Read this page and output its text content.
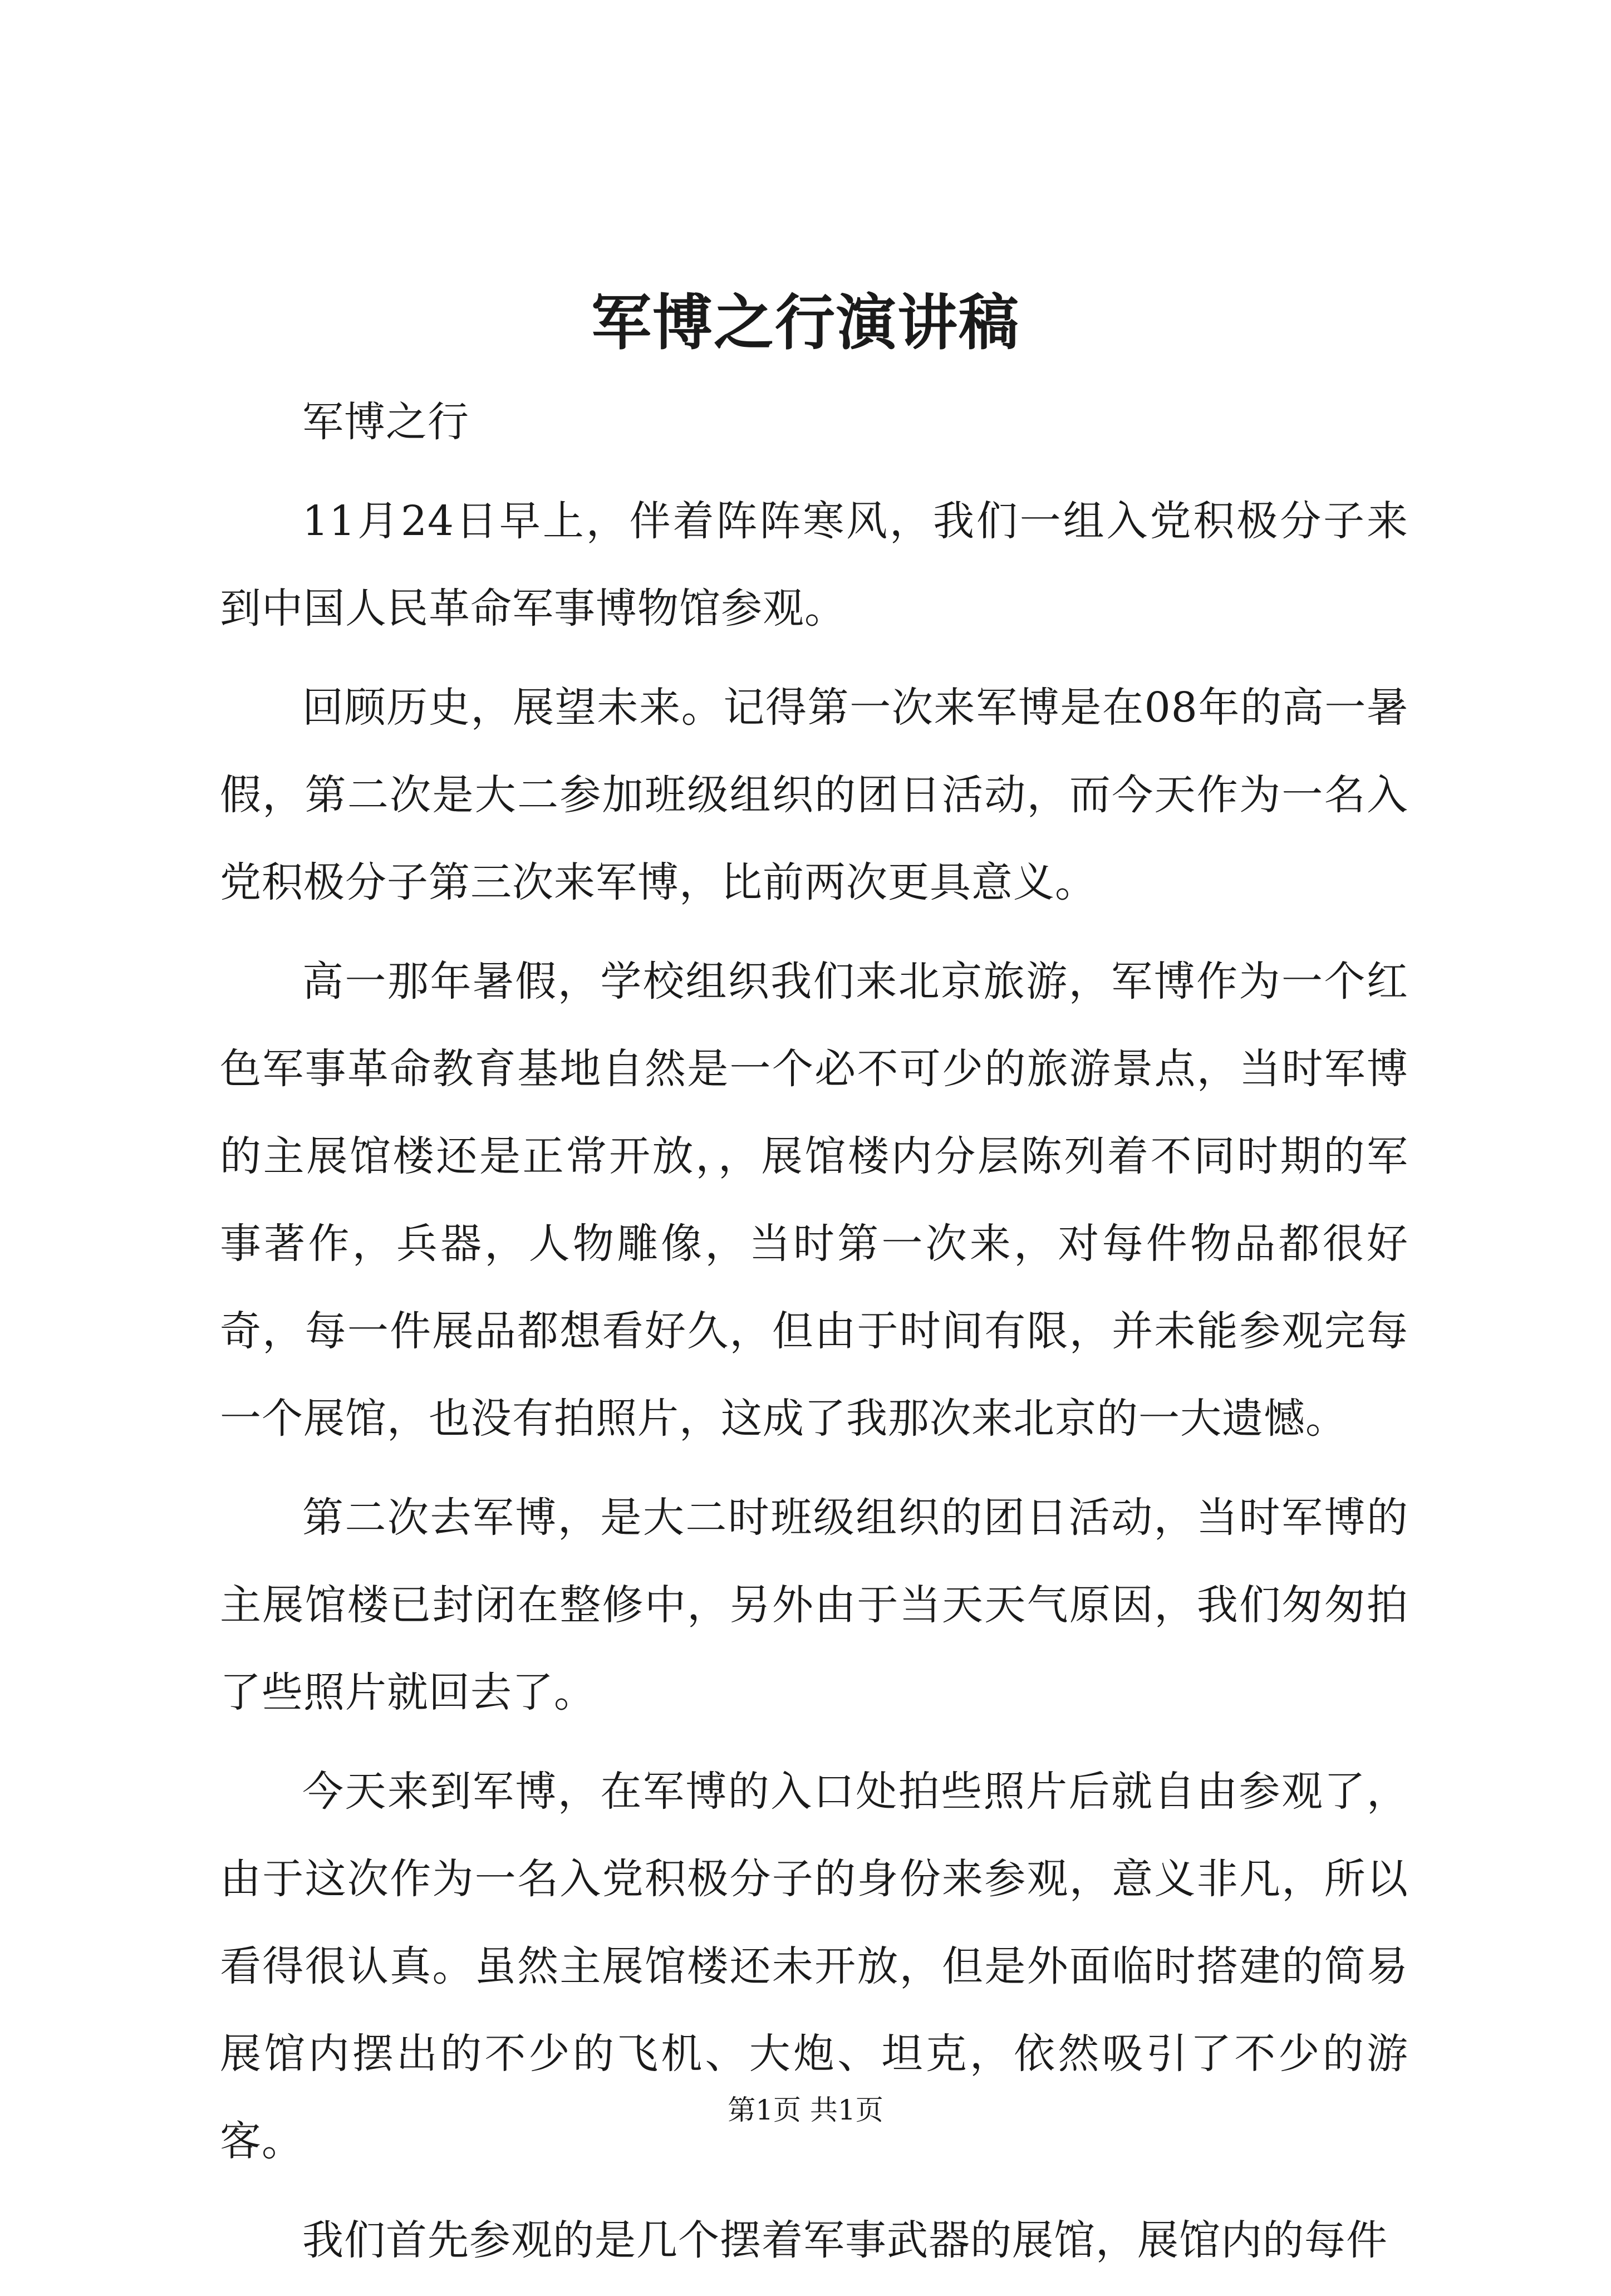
军博之行演讲稿

军博之行

11月24日早上，伴着阵阵寒风，我们一组入党积极分子来到中国人民革命军事博物馆参观。

回顾历史，展望未来。记得第一次来军博是在08年的高一暑假，第二次是大二参加班级组织的团日活动，而今天作为一名入党积极分子第三次来军博，比前两次更具意义。

高一那年暑假，学校组织我们来北京旅游，军博作为一个红色军事革命教育基地自然是一个必不可少的旅游景点，当时军博的主展馆楼还是正常开放，，展馆楼内分层陈列着不同时期的军事著作，兵器，人物雕像，当时第一次来，对每件物品都很好奇，每一件展品都想看好久，但由于时间有限，并未能参观完每一个展馆，也没有拍照片，这成了我那次来北京的一大遗憾。

第二次去军博，是大二时班级组织的团日活动，当时军博的主展馆楼已封闭在整修中，另外由于当天天气原因，我们匆匆拍了些照片就回去了。

今天来到军博，在军博的入口处拍些照片后就自由参观了，由于这次作为一名入党积极分子的身份来参观，意义非凡，所以看得很认真。虽然主展馆楼还未开放，但是外面临时搭建的简易展馆内摆出的不少的飞机、大炮、坦克，依然吸引了不少的游客。

我们首先参观的是几个摆着军事武器的展馆，展馆内的每件

第1页 共1页
